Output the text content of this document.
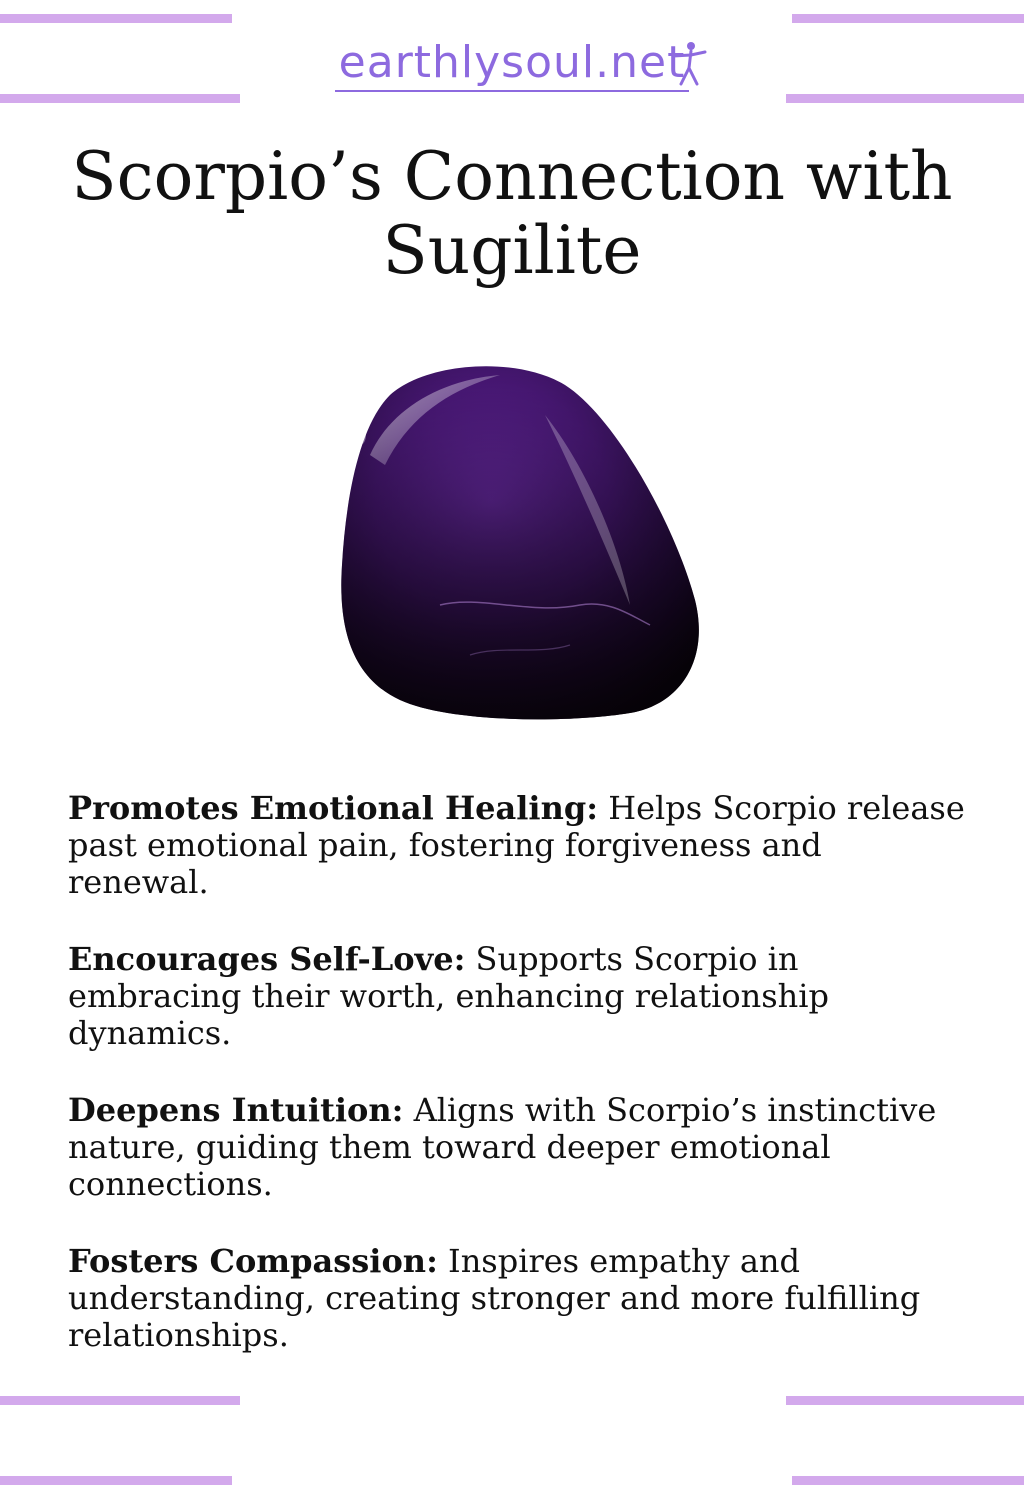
earthlysoul.net
Scorpio’s Connection with Sugilite

Promotes Emotional Healing: Helps Scorpio release past emotional pain, fostering forgiveness and renewal.

Encourages Self-Love: Supports Scorpio in embracing their worth, enhancing relationship dynamics.

Deepens Intuition: Aligns with Scorpio’s instinctive nature, guiding them toward deeper emotional connections.

Fosters Compassion: Inspires empathy and understanding, creating stronger and more fulfilling relationships.
